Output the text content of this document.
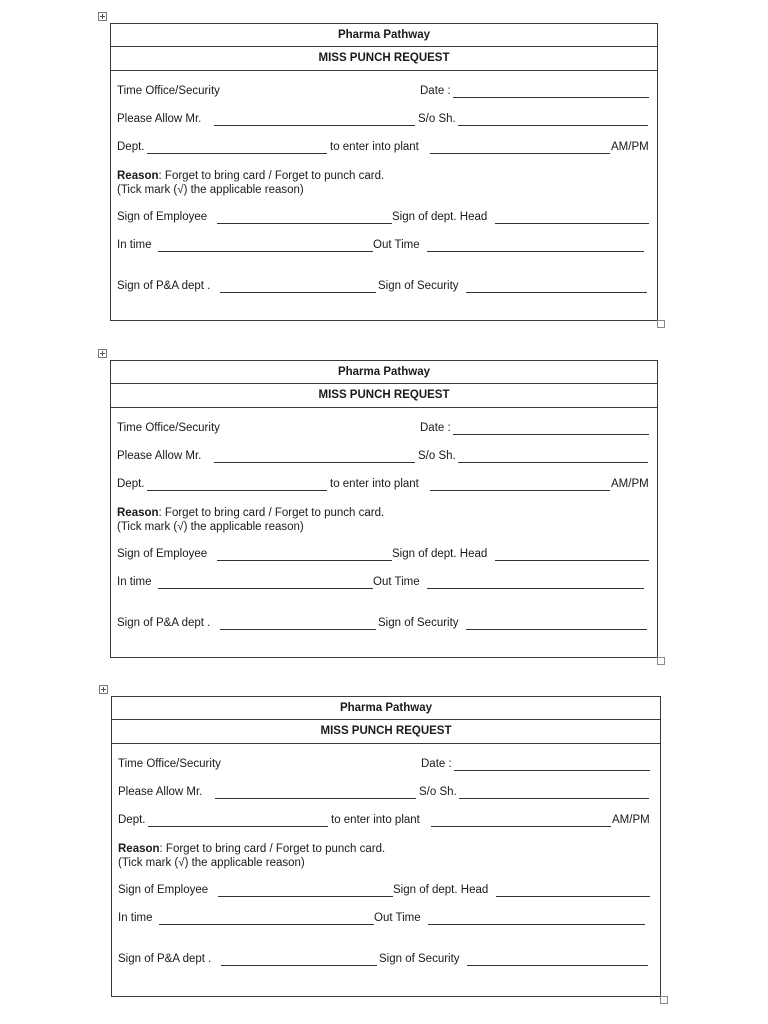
Pharma Pathway
MISS PUNCH REQUEST
Time Office/Security	Date :
Please Allow Mr.	S/o Sh.
Dept.	to enter into plant	AM/PM
Reason: Forget to bring card / Forget to punch card.
(Tick mark (√) the applicable reason)
Sign of Employee	Sign of dept. Head
In time	Out Time
Sign of P&A dept .	Sign of Security
Pharma Pathway
MISS PUNCH REQUEST
Time Office/Security	Date :
Please Allow Mr.	S/o Sh.
Dept.	to enter into plant	AM/PM
Reason: Forget to bring card / Forget to punch card.
(Tick mark (√) the applicable reason)
Sign of Employee	Sign of dept. Head
In time	Out Time
Sign of P&A dept .	Sign of Security
Pharma Pathway
MISS PUNCH REQUEST
Time Office/Security	Date :
Please Allow Mr.	S/o Sh.
Dept.	to enter into plant	AM/PM
Reason: Forget to bring card / Forget to punch card.
(Tick mark (√) the applicable reason)
Sign of Employee	Sign of dept. Head
In time	Out Time
Sign of P&A dept .	Sign of Security
